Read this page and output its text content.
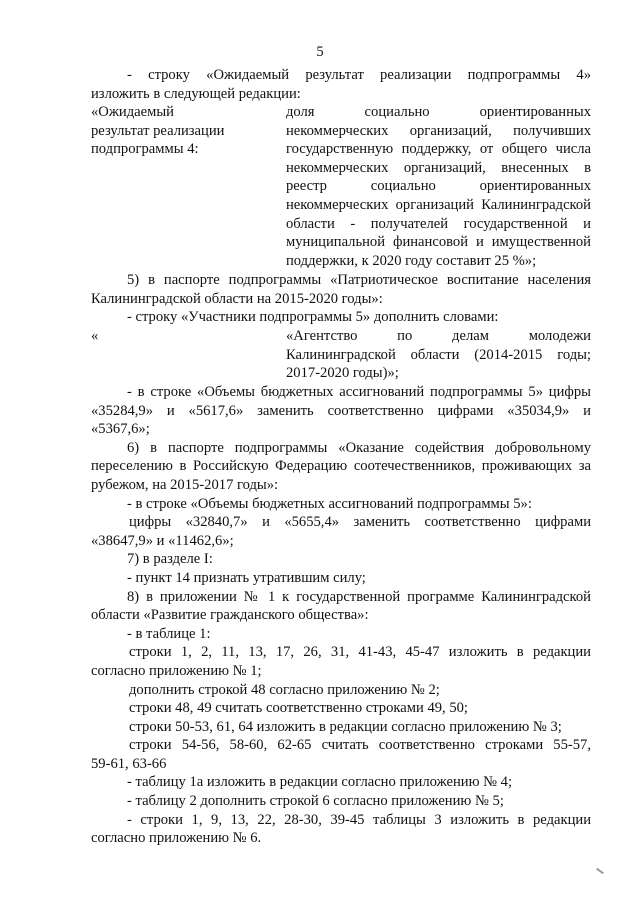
5
- строку «Ожидаемый результат реализации подпрограммы 4»
изложить в следующей редакции:
«Ожидаемый
результат реализации
подпрограммы 4:
доля социально ориентированных
некоммерческих организаций, получивших
государственную поддержку, от общего числа
некоммерческих организаций, внесенных в
реестр социально ориентированных
некоммерческих организаций Калининградской
области - получателей государственной и
муниципальной финансовой и имущественной
поддержки, к 2020 году составит 25 %»;
5) в паспорте подпрограммы «Патриотическое воспитание населения
Калининградской области на 2015-2020 годы»:
- строку «Участники подпрограммы 5» дополнить словами:
«	«Агентство по делам молодежи
Калининградской области (2014-2015 годы;
2017-2020 годы)»;
- в строке «Объемы бюджетных ассигнований подпрограммы 5» цифры
«35284,9» и «5617,6» заменить соответственно цифрами «35034,9» и
«5367,6»;
6) в паспорте подпрограммы «Оказание содействия добровольному
переселению в Российскую Федерацию соотечественников, проживающих за
рубежом, на 2015-2017 годы»:
- в строке «Объемы бюджетных ассигнований подпрограммы 5»:
цифры «32840,7» и «5655,4» заменить соответственно цифрами
«38647,9» и «11462,6»;
7) в разделе I:
- пункт 14 признать утратившим силу;
8) в приложении № 1 к государственной программе Калининградской
области «Развитие гражданского общества»:
- в таблице 1:
строки 1, 2, 11, 13, 17, 26, 31, 41-43, 45-47 изложить в редакции
согласно приложению № 1;
дополнить строкой 48 согласно приложению № 2;
строки 48, 49 считать соответственно строками 49, 50;
строки 50-53, 61, 64 изложить в редакции согласно приложению № 3;
строки 54-56, 58-60, 62-65 считать соответственно строками 55-57,
59-61, 63-66
- таблицу 1а изложить в редакции согласно приложению № 4;
- таблицу 2 дополнить строкой 6 согласно приложению № 5;
- строки 1, 9, 13, 22, 28-30, 39-45 таблицы 3 изложить в редакции
согласно приложению № 6.
